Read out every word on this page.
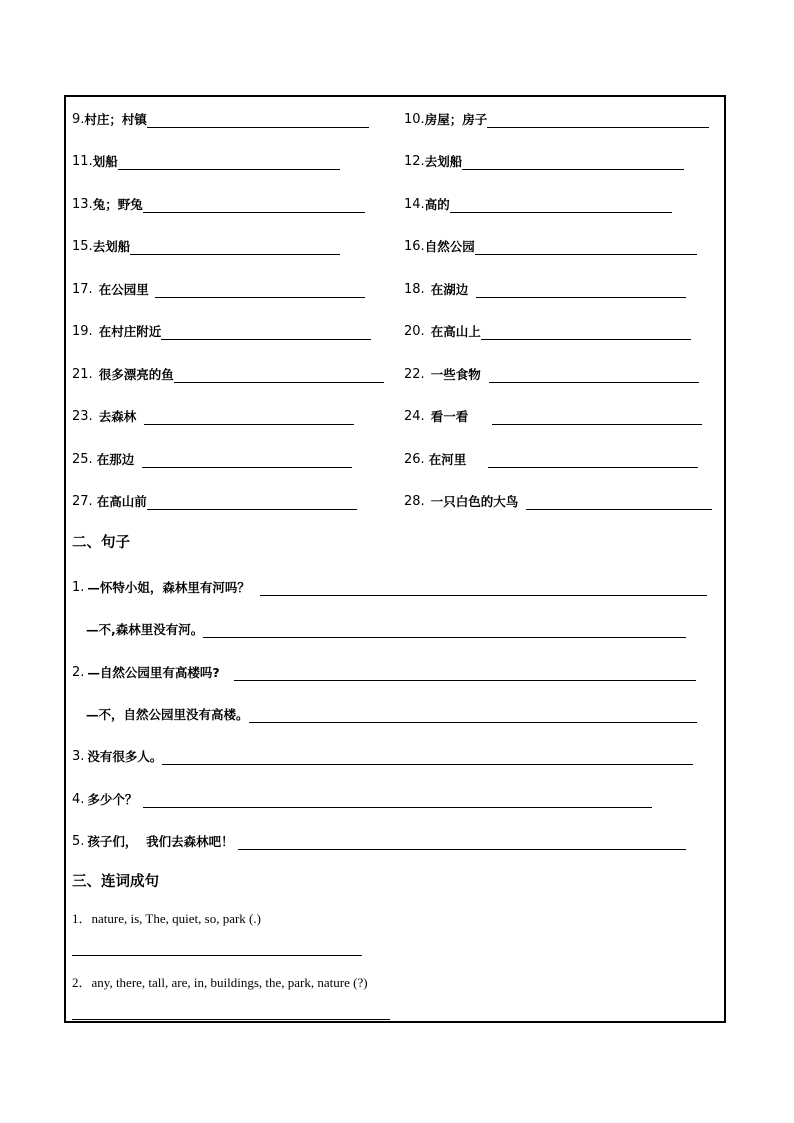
9.村庄；村镇	10.房屋；房子
11.划船	12.去划船
13.兔；野兔	14.高的
15.去划船	16.自然公园
17. 在公园里	18. 在湖边
19. 在村庄附近	20. 在高山上
21. 很多漂亮的鱼	22. 一些食物
23. 去森林	24. 看一看
25. 在那边	26. 在河里
27. 在高山前	28. 一只白色的大鸟
二、句子
1. —怀特小姐，森林里有河吗？
—不,森林里没有河。
2. —自然公园里有高楼吗?
—不，自然公园里没有高楼。
3. 没有很多人。
4. 多少个？
5. 孩子们，  我们去森林吧！
三、连词成句
1．nature, is, The, quiet, so, park (.)
2．any, there, tall, are, in, buildings, the, park, nature (?)
